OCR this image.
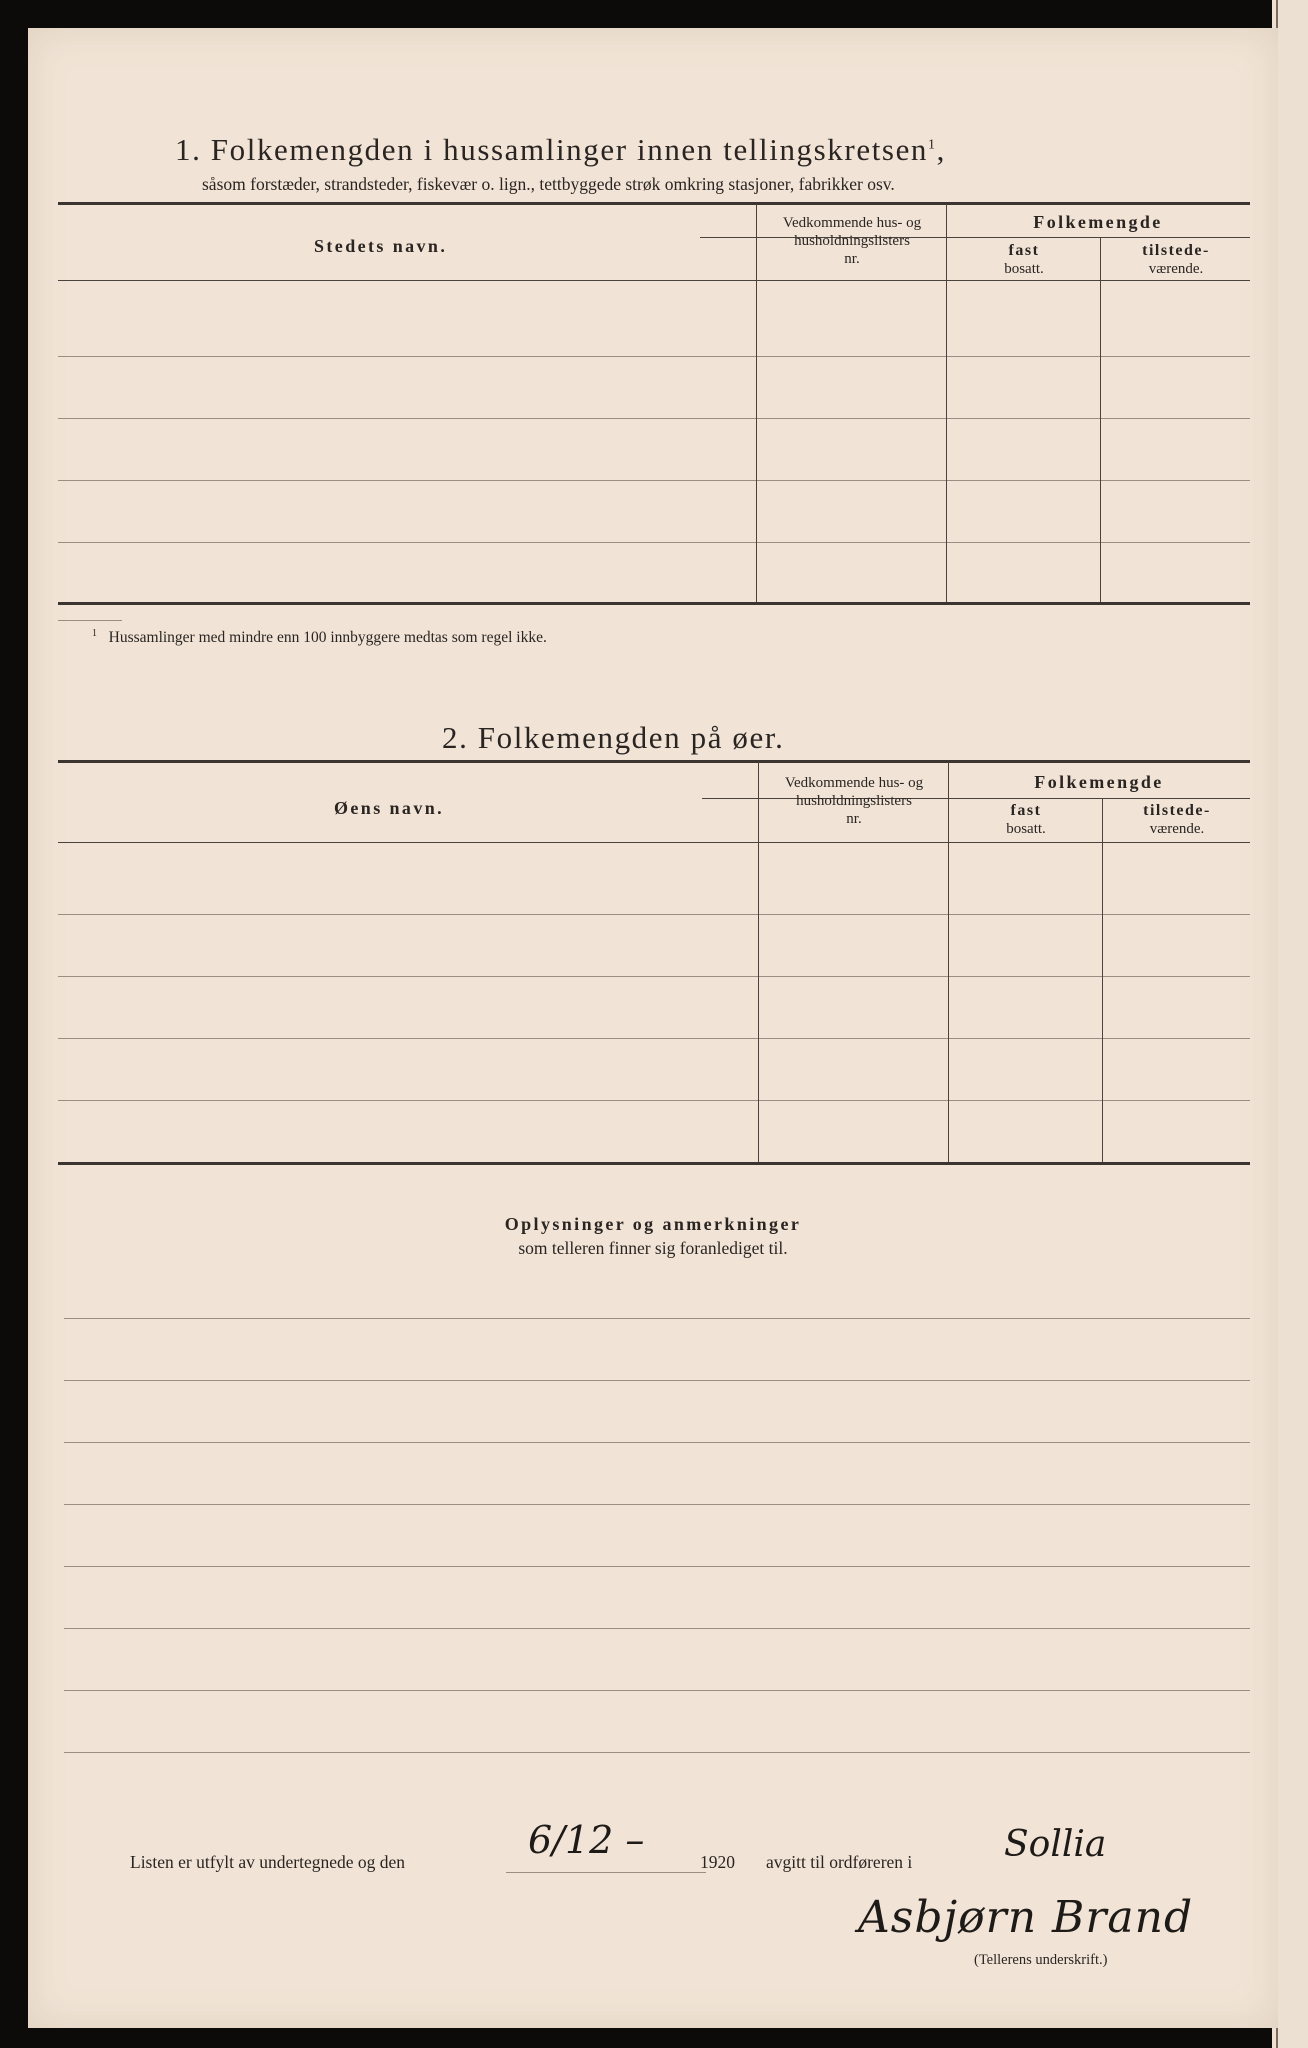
1. Folkemengden i hussamlinger innen tellingskretsen$^1$,
såsom forstæder, strandsteder, fiskevær o. lign., tettbyggede strøk omkring stasjoner, fabrikker osv.
Stedets navn.
Vedkommende hus- og
husholdningslisters
nr.
Folkemengde
fast
bosatt.
tilstede-
værende.
$^1$ Hussamlinger med mindre enn 100 innbyggere medtas som regel ikke.
2. Folkemengden på øer.
Øens navn.
Vedkommende hus- og
husholdningslisters
nr.
Folkemengde
fast
bosatt.
tilstede-
værende.
Oplysninger og anmerkninger
som telleren finner sig foranlediget til.
Listen er utfylt av undertegnede og den	6/12 –	1920 avgitt til ordføreren i	Sollia
Asbjørn Brand
(Tellerens underskrift.)
